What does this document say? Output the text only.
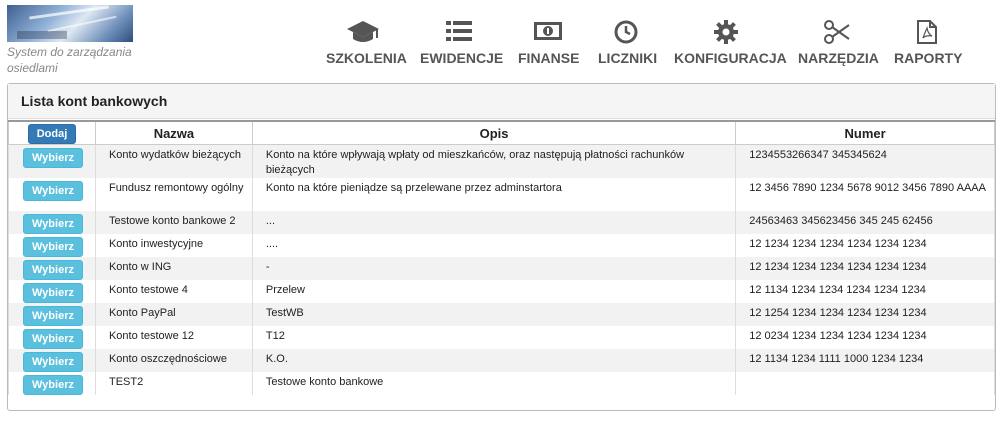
System do zarządzania osiedlami
SZKOLENIA EWIDENCJE FINANSE LICZNIKI KONFIGURACJA NARZĘDZIA RAPORTY
Lista kont bankowych
Dodaj	Nazwa	Opis	Numer
Wybierz	Konto wydatków bieżących	Konto na które wpływają wpłaty od mieszkańców, oraz następują płatności rachunków bieżących	1234553266347 345345624
Wybierz	Fundusz remontowy ogólny	Konto na które pieniądze są przelewane przez adminstartora	12 3456 7890 1234 5678 9012 3456 7890 AAAA
Wybierz	Testowe konto bankowe 2	...	24563463 345623456 345 245 62456
Wybierz	Konto inwestycyjne	....	12 1234 1234 1234 1234 1234 1234
Wybierz	Konto w ING	-	12 1234 1234 1234 1234 1234 1234
Wybierz	Konto testowe 4	Przelew	12 1134 1234 1234 1234 1234 1234
Wybierz	Konto PayPal	TestWB	12 1254 1234 1234 1234 1234 1234
Wybierz	Konto testowe 12	T12	12 0234 1234 1234 1234 1234 1234
Wybierz	Konto oszczędnościowe	K.O.	12 1134 1234 1111 1000 1234 1234
Wybierz	TEST2	Testowe konto bankowe	
